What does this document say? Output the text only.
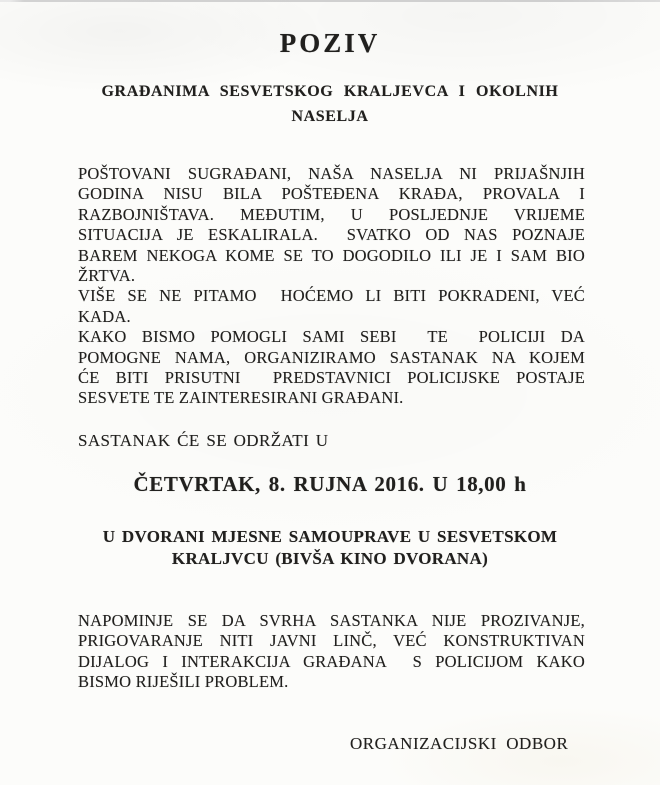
POZIV
GRAĐANIMA SESVETSKOG KRALJEVCA I OKOLNIH
NASELJA
POŠTOVANI SUGRAĐANI, NAŠA NASELJA NI PRIJAŠNJIH
GODINA NISU BILA POŠTEĐENA KRAĐA, PROVALA I
RAZBOJNIŠTAVA. MEĐUTIM, U POSLJEDNJE VRIJEME
SITUACIJA JE ESKALIRALA.  SVATKO OD NAS POZNAJE
BAREM NEKOGA KOME SE TO DOGODILO ILI JE I SAM BIO
ŽRTVA.
VIŠE SE NE PITAMO  HOĆEMO LI BITI POKRADENI, VEĆ
KADA.
KAKO BISMO POMOGLI SAMI SEBI  TE  POLICIJI DA
POMOGNE NAMA, ORGANIZIRAMO SASTANAK NA KOJEM
ĆE BITI PRISUTNI  PREDSTAVNICI POLICIJSKE POSTAJE
SESVETE TE ZAINTERESIRANI GRAĐANI.
SASTANAK ĆE SE ODRŽATI U
ČETVRTAK, 8. RUJNA 2016. U 18,00 h
U DVORANI MJESNE SAMOUPRAVE U SESVETSKOM
KRALJVCU (BIVŠA KINO DVORANA)
NAPOMINJE SE DA SVRHA SASTANKA NIJE PROZIVANJE,
PRIGOVARANJE NITI JAVNI LINČ, VEĆ KONSTRUKTIVAN
DIJALOG I INTERAKCIJA GRAĐANA  S POLICIJOM KAKO
BISMO RIJEŠILI PROBLEM.
ORGANIZACIJSKI  ODBOR
